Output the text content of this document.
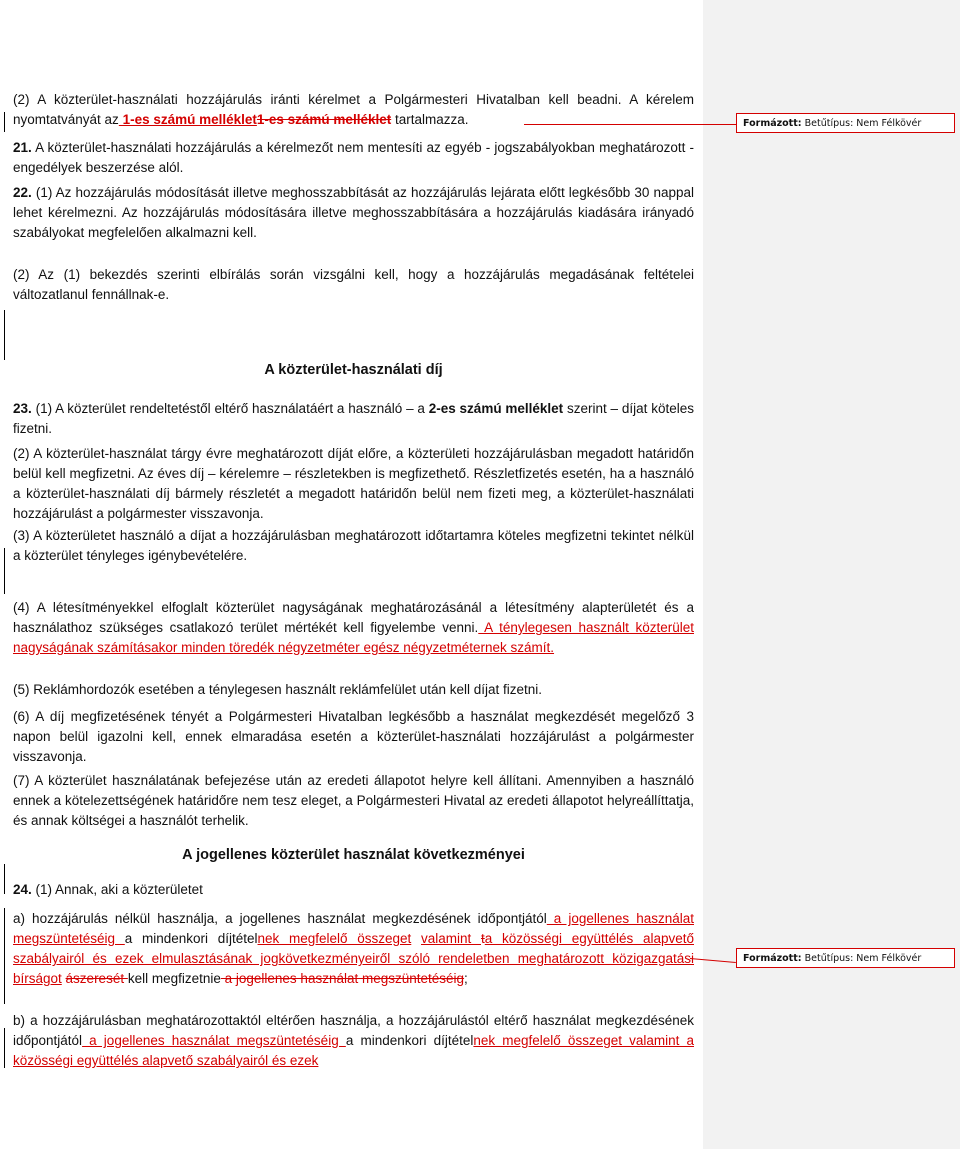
Formázott: Betűtípus: Nem Félkövér
Formázott: Betűtípus: Nem Félkövér

(2) A közterület-használati hozzájárulás iránti kérelmet a Polgármesteri Hivatalban kell beadni. A kérelem nyomtatványát az 1-es számú melléklet1-es számú melléklet tartalmazza.

21. A közterület-használati hozzájárulás a kérelmezőt nem mentesíti az egyéb - jogszabályokban meghatározott - engedélyek beszerzése alól.

22. (1) Az hozzájárulás módosítását illetve meghosszabbítását az hozzájárulás lejárata előtt legkésőbb 30 nappal lehet kérelmezni. Az hozzájárulás módosítására illetve meghosszabbítására a hozzájárulás kiadására irányadó szabályokat megfelelően alkalmazni kell.

(2) Az (1) bekezdés szerinti elbírálás során vizsgálni kell, hogy a hozzájárulás megadásának feltételei változatlanul fennállnak-e.

A közterület-használati díj

23. (1) A közterület rendeltetéstől eltérő használatáért a használó – a 2-es számú melléklet szerint – díjat köteles fizetni.

(2) A közterület-használat tárgy évre meghatározott díját előre, a közterületi hozzájárulásban megadott határidőn belül kell megfizetni. Az éves díj – kérelemre – részletekben is megfizethető. Részletfizetés esetén, ha a használó a közterület-használati díj bármely részletét a megadott határidőn belül nem fizeti meg, a közterület-használati hozzájárulást a polgármester visszavonja.

(3) A közterületet használó a díjat a hozzájárulásban meghatározott időtartamra köteles megfizetni tekintet nélkül a közterület tényleges igénybevételére.

(4) A létesítményekkel elfoglalt közterület nagyságának meghatározásánál a létesítmény alapterületét és a használathoz szükséges csatlakozó terület mértékét kell figyelembe venni. A ténylegesen használt közterület nagyságának számításakor minden töredék négyzetméter egész négyzetméternek számít.

(5) Reklámhordozók esetében a ténylegesen használt reklámfelület után kell díjat fizetni.

(6) A díj megfizetésének tényét a Polgármesteri Hivatalban legkésőbb a használat megkezdését megelőző 3 napon belül igazolni kell, ennek elmaradása esetén a közterület-használati hozzájárulást a polgármester visszavonja.

(7) A közterület használatának befejezése után az eredeti állapotot helyre kell állítani. Amennyiben a használó ennek a kötelezettségének határidőre nem tesz eleget, a Polgármesteri Hivatal az eredeti állapotot helyreállíttatja, és annak költségei a használót terhelik.

A jogellenes közterület használat következményei

24. (1) Annak, aki a közterületet

a) hozzájárulás nélkül használja, a jogellenes használat megkezdésének időpontjától a jogellenes használat megszüntetéséig a mindenkori díjtételnek megfelelő összeget valamint ta közösségi együttélés alapvető szabályairól és ezek elmulasztásának jogkövetkezményeiről szóló rendeletben meghatározott közigazgatási bírságot ászeresét kell megfizetnie a jogellenes használat megszüntetéséig;

b) a hozzájárulásban meghatározottaktól eltérően használja, a hozzájárulástól eltérő használat megkezdésének időpontjától a jogellenes használat megszüntetéséig a mindenkori díjtételnek megfelelő összeget valamint a közösségi együttélés alapvető szabályairól és ezek
